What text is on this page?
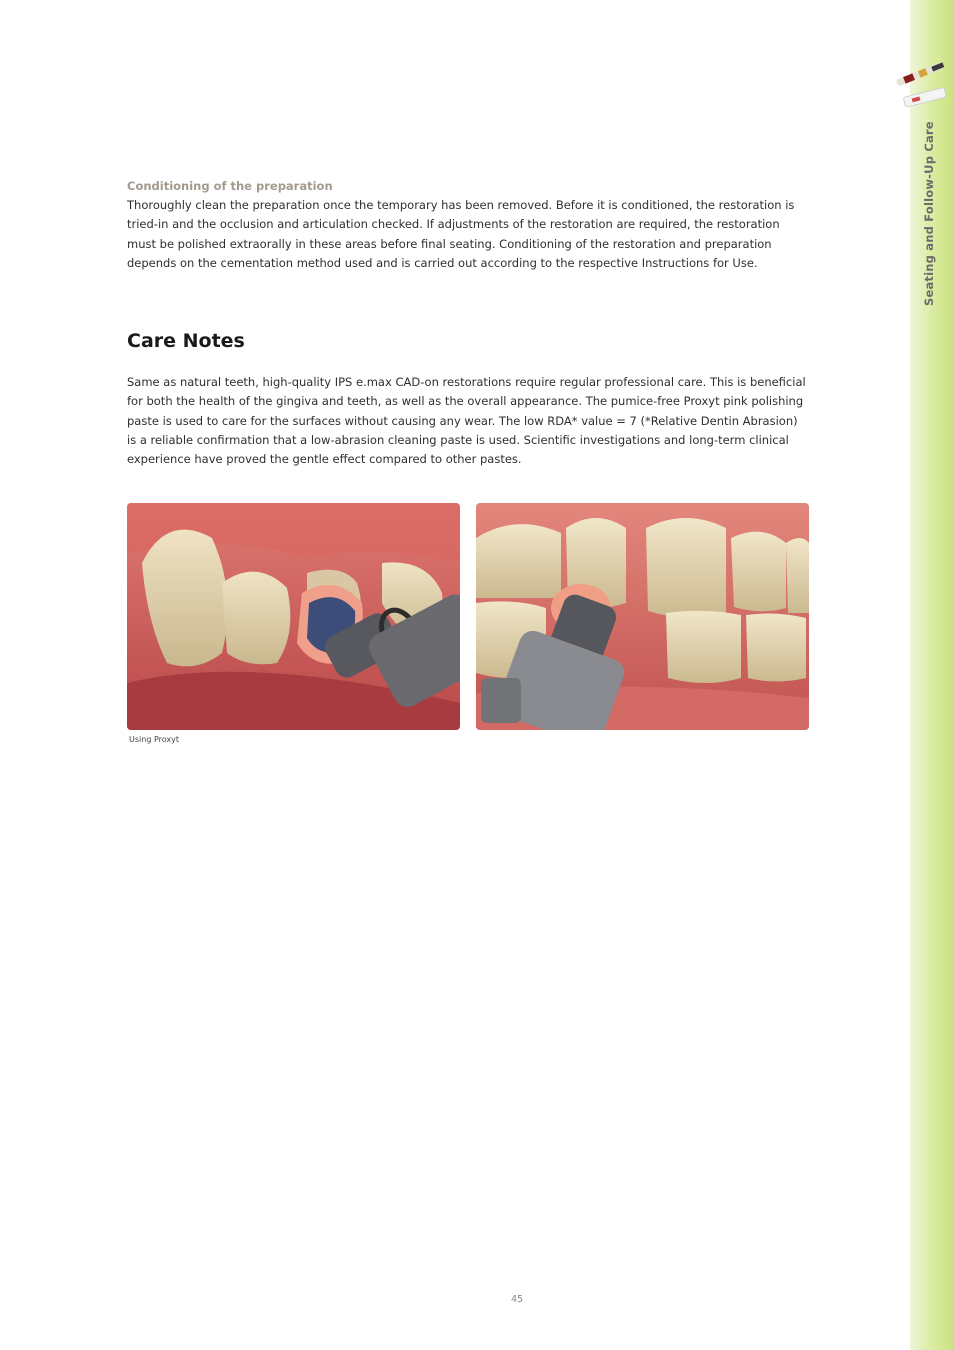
Seating and Follow-Up Care
Conditioning of the preparation

Thoroughly clean the preparation once the temporary has been removed. Before it is conditioned, the restoration is tried-in and the occlusion and articulation checked. If adjustments of the restoration are required, the restoration must be polished extraorally in these areas before final seating. Conditioning of the restoration and preparation depends on the cementation method used and is carried out according to the respective Instructions for Use.

Care Notes

Same as natural teeth, high-quality IPS e.max CAD-on restorations require regular professional care. This is beneficial for both the health of the gingiva and teeth, as well as the overall appearance. The pumice-free Proxyt pink polishing paste is used to care for the surfaces without causing any wear. The low RDA* value = 7 (*Relative Dentin Abrasion) is a reliable confirmation that a low-abrasion cleaning paste is used. Scientific investigations and long-term clinical experience have proved the gentle effect compared to other pastes.

Using Proxyt
45
